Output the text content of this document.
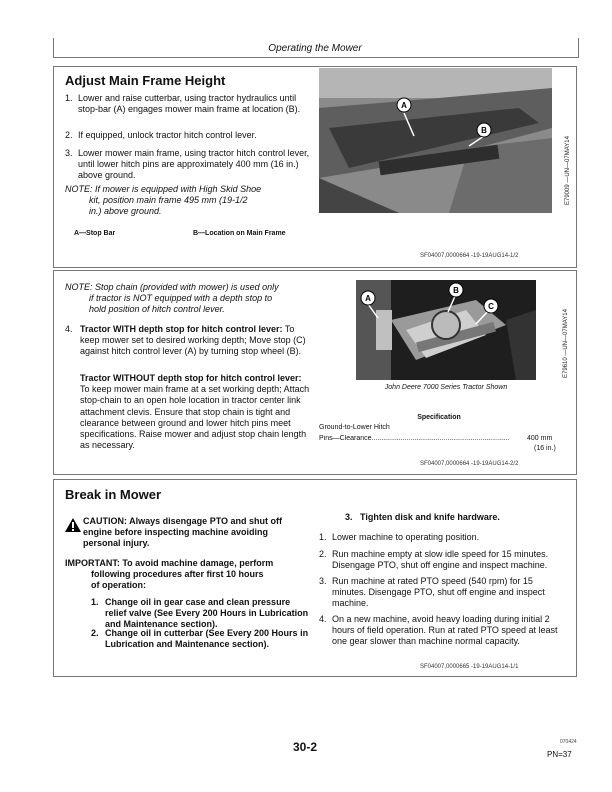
Operating the Mower
Adjust Main Frame Height
1. Lower and raise cutterbar, using tractor hydraulics until stop-bar (A) engages mower main frame at location (B).
2. If equipped, unlock tractor hitch control lever.
3. Lower mower main frame, using tractor hitch control lever, until lower hitch pins are approximately 400 mm (16 in.) above ground.
NOTE: If mower is equipped with High Skid Shoe
kit, position main frame 495 mm (19-1/2
in.) above ground.
A—Stop Bar	B—Location on Main Frame
A
B
E79009 —UN—07MAY14
SF04007,0000664 -19-19AUG14-1/2
NOTE: Stop chain (provided with mower) is used only
if tractor is NOT equipped with a depth stop to
hold position of hitch control lever.
4. Tractor WITH depth stop for hitch control lever: To keep mower set to desired working depth; Move stop (C) against hitch control lever (A) by turning stop wheel (B).
Tractor WITHOUT depth stop for hitch control lever: To keep mower main frame at a set working depth; Attach stop-chain to an open hole location in tractor center link attachment clevis. Ensure that stop chain is tight and clearance between ground and lower hitch pins meet specifications. Raise mower and adjust stop chain length as necessary.
A
B
C
E79610 —UN—07MAY14
John Deere 7000 Series Tractor Shown
Specification
Ground-to-Lower Hitch
Pins—Clearance.......................................................................	400 mm
(16 in.)
SF04007,0000664 -19-19AUG14-2/2
Break in Mower
CAUTION: Always disengage PTO and shut off engine before inspecting machine avoiding personal injury.
IMPORTANT: To avoid machine damage, perform
following procedures after first 10 hours
of operation:
1. Change oil in gear case and clean pressure relief valve (See Every 200 Hours in Lubrication and Maintenance section).
2. Change oil in cutterbar (See Every 200 Hours in Lubrication and Maintenance section).
3. Tighten disk and knife hardware.
1. Lower machine to operating position.
2. Run machine empty at slow idle speed for 15 minutes. Disengage PTO, shut off engine and inspect machine.
3. Run machine at rated PTO speed (540 rpm) for 15 minutes. Disengage PTO, shut off engine and inspect machine.
4. On a new machine, avoid heavy loading during initial 2 hours of field operation. Run at rated PTO speed at least one gear slower than machine normal capacity.
SF04007,0000665 -19-19AUG14-1/1
30-2	070424
PN=37
